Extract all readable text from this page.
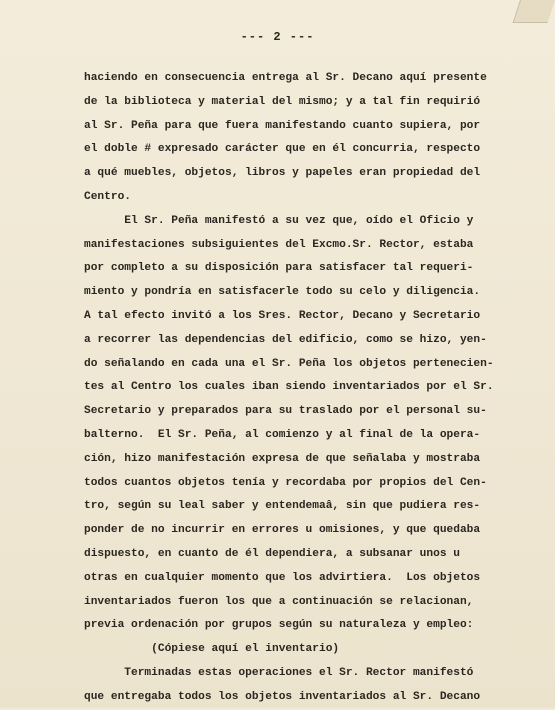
--- 2 ---
haciendo en consecuencia entrega al Sr. Decano aquí presente
de la biblioteca y material del mismo; y a tal fin requirió
al Sr. Peña para que fuera manifestando cuanto supiera, por
el doble # expresado carácter que en él concurria, respecto
a qué muebles, objetos, libros y papeles eran propiedad del
Centro.
El Sr. Peña manifestó a su vez que, oído el Oficio y
manifestaciones subsiguientes del Excmo.Sr. Rector, estaba
por completo a su disposición para satisfacer tal requeri-
miento y pondría en satisfacerle todo su celo y diligencia.
A tal efecto invitó a los Sres. Rector, Decano y Secretario
a recorrer las dependencias del edificio, como se hizo, yen-
do señalando en cada una el Sr. Peña los objetos pertenecien-
tes al Centro los cuales iban siendo inventariados por el Sr.
Secretario y preparados para su traslado por el personal su-
balterno.  El Sr. Peña, al comienzo y al final de la opera-
ción, hizo manifestación expresa de que señalaba y mostraba
todos cuantos objetos tenía y recordaba por propios del Cen-
tro, según su leal saber y entendemaâ, sin que pudiera res-
ponder de no incurrir en errores u omisiones, y que quedaba
dispuesto, en cuanto de él dependiera, a subsanar unos u
otras en cualquier momento que los advirtiera.  Los objetos
inventariados fueron los que a continuación se relacionan,
previa ordenación por grupos según su naturaleza y empleo:
(Cópiese aquí el inventario)
Terminadas estas operaciones el Sr. Rector manifestó
que entregaba todos los objetos inventariados al Sr. Decano
